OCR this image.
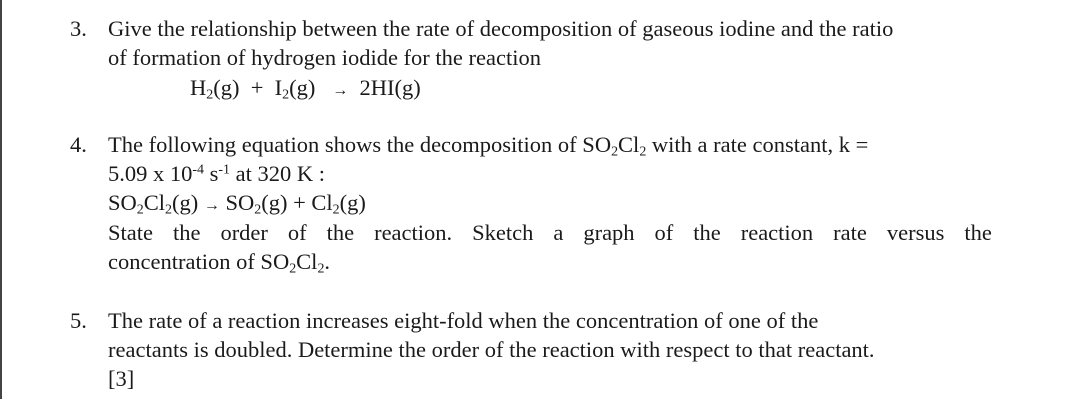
3. Give the relationship between the rate of decomposition of gaseous iodine and the ratio
of formation of hydrogen iodide for the reaction
$H_2(g) + I_2(g) \to 2HI(g)$
4. The following equation shows the decomposition of $SO_2Cl_2$ with a rate constant, k =
5.09 x $10^{-4}$ $s^{-1}$ at 320 K :
$SO_2Cl_2(g) \to SO_2(g) + Cl_2(g)$
State the order of the reaction. Sketch a graph of the reaction rate versus the
concentration of $SO_2Cl_2$.
5. The rate of a reaction increases eight-fold when the concentration of one of the
reactants is doubled. Determine the order of the reaction with respect to that reactant.
[3]
